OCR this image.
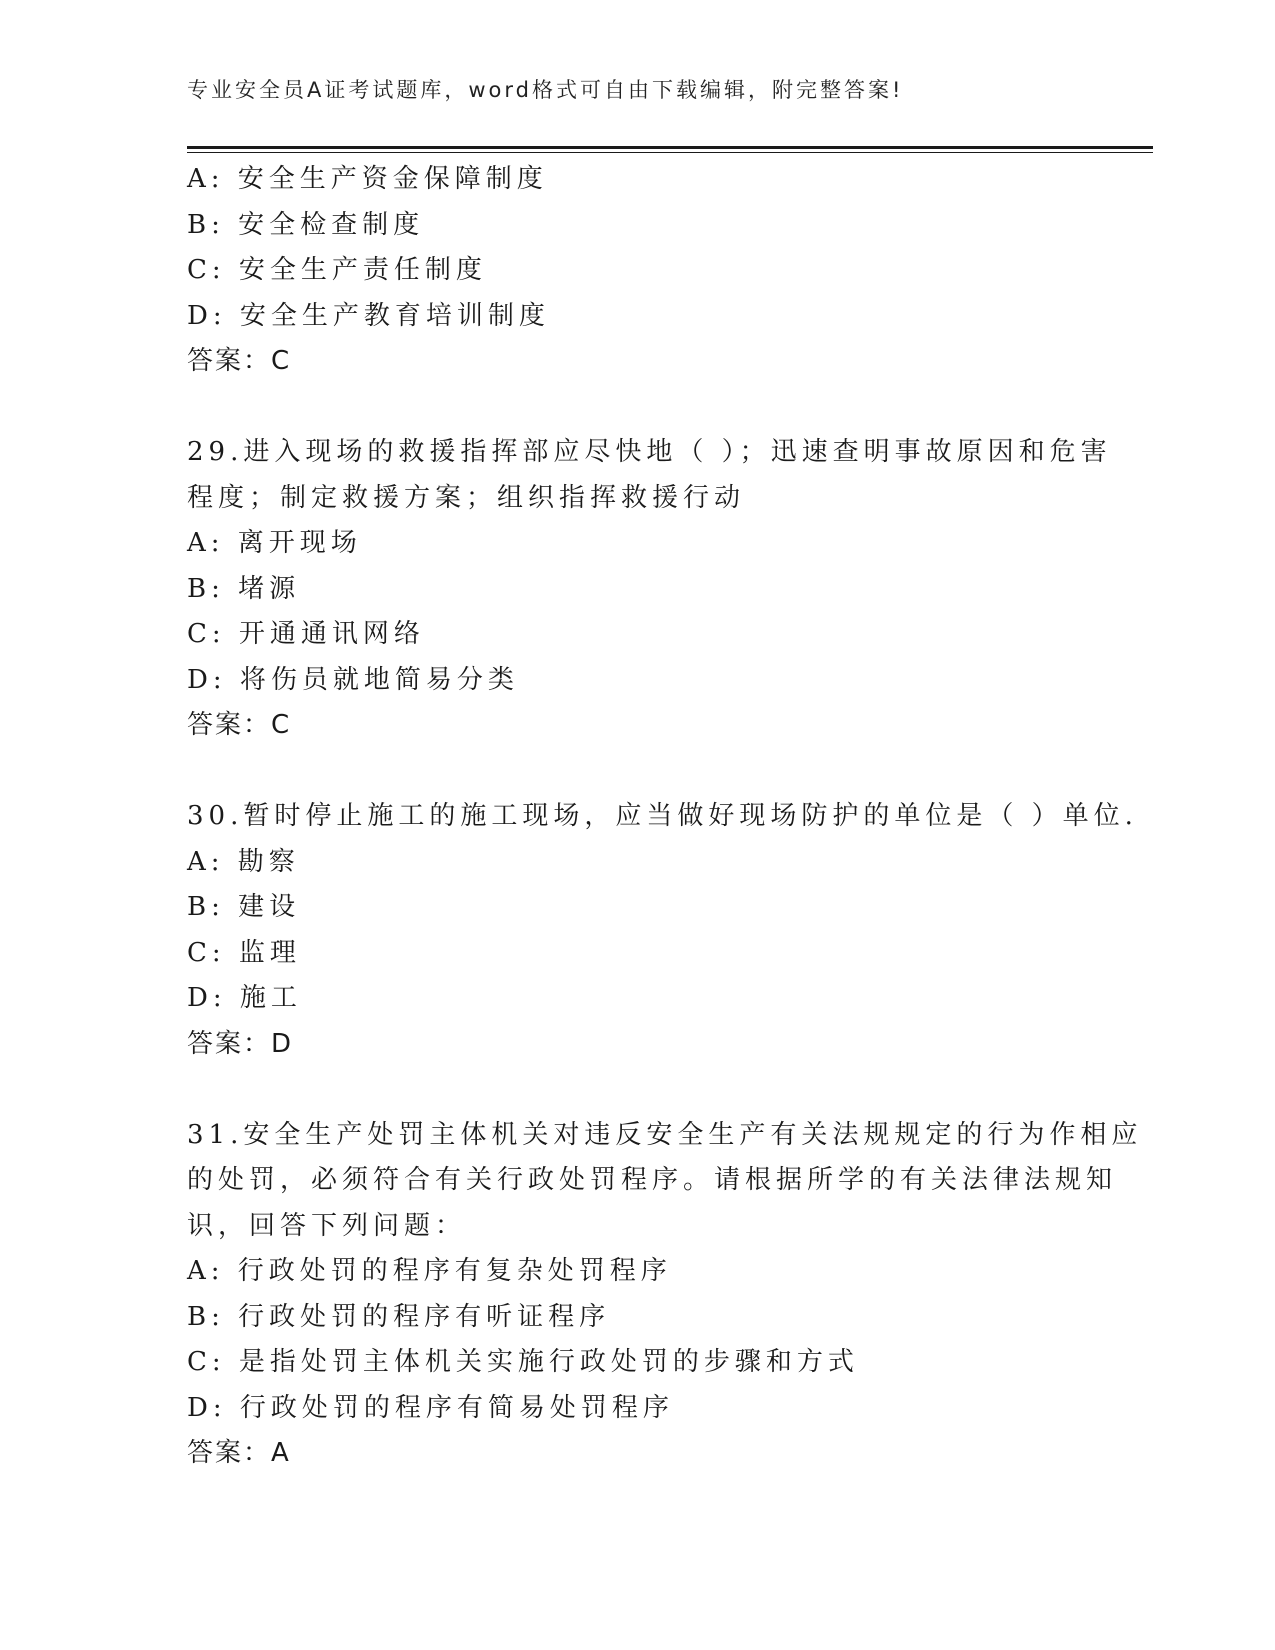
专业安全员A证考试题库，word格式可自由下载编辑，附完整答案!
A: 安全生产资金保障制度
B: 安全检查制度
C: 安全生产责任制度
D: 安全生产教育培训制度
答案：C
29.进入现场的救援指挥部应尽快地（ ）；迅速查明事故原因和危害
程度；制定救援方案；组织指挥救援行动
A: 离开现场
B: 堵源
C: 开通通讯网络
D: 将伤员就地简易分类
答案：C
30.暂时停止施工的施工现场，应当做好现场防护的单位是（ ）单位.
A: 勘察
B: 建设
C: 监理
D: 施工
答案：D
31.安全生产处罚主体机关对违反安全生产有关法规规定的行为作相应
的处罚，必须符合有关行政处罚程序。请根据所学的有关法律法规知
识，回答下列问题：
A: 行政处罚的程序有复杂处罚程序
B: 行政处罚的程序有听证程序
C: 是指处罚主体机关实施行政处罚的步骤和方式
D: 行政处罚的程序有简易处罚程序
答案：A
